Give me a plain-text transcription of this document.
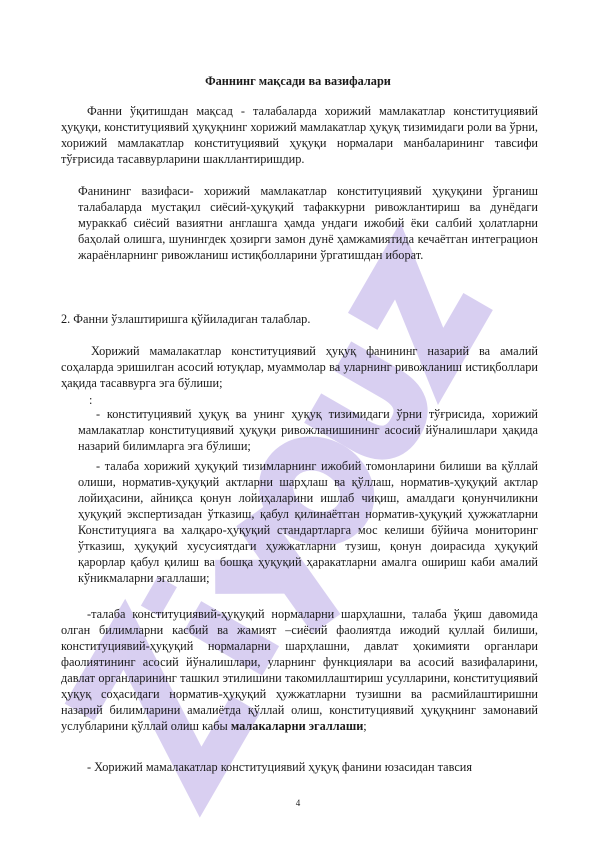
Фаннинг мақсади ва вазифалари

Фанни ўқитишдан мақсад - талабаларда хорижий мамлакатлар конституциявий ҳуқуқи, конституциявий ҳуқуқнинг хорижий мамлакатлар ҳуқуқ тизимидаги роли ва ўрни, хорижий мамлакатлар конституциявий ҳуқуқи нормалари манбаларининг тавсифи тўғрисида тасаввурларини шакллантиришдир.

Фанининг вазифаси- хорижий мамлакатлар конституциявий ҳуқуқини ўрганиш талабаларда мустақил сиёсий-ҳуқуқий тафаккурни ривожлантириш ва дунёдаги мураккаб сиёсий вазиятни англашга ҳамда ундаги ижобий ёки салбий ҳолатларни баҳолай олишга, шунингдек ҳозирги замон дунё ҳамжамиятида кечаётган интеграцион жараёнларнинг ривожланиш истиқболларини ўргатишдан иборат.

2. Фанни ўзлаштиришга қўйиладиган талаблар.

Хорижий мамалакатлар конституциявий ҳуқуқ фанининг назарий ва амалий соҳаларда эришилган асосий ютуқлар, муаммолар ва уларнинг ривожланиш истиқболлари ҳақида тасаввурга эга бўлиши;

:

- конституциявий ҳуқуқ ва унинг ҳуқуқ тизимидаги ўрни тўғрисида, хорижий мамлакатлар конституциявий ҳуқуқи ривожланишининг асосий йўналишлари ҳақида назарий билимларга эга бўлиши;

- талаба хорижий ҳуқуқий тизимларнинг ижобий томонларини билиши ва қўллай олиши, норматив-ҳуқуқий актларни шарҳлаш ва қўллаш, норматив-ҳуқуқий актлар лойиҳасини, айниқса қонун лойиҳаларини ишлаб чиқиш, амалдаги қонунчиликни ҳуқуқий экспертизадан ўтказиш, қабул қилинаётган норматив-ҳуқуқий ҳужжатларни Конституцияга ва халқаро-ҳуқуқий стандартларга мос келиши бўйича мониторинг ўтказиш, ҳуқуқий хусусиятдаги ҳужжатларни тузиш, қонун доирасида ҳуқуқий қарорлар қабул қилиш ва бошқа ҳуқуқий ҳаракатларни амалга ошириш каби амалий кўникмаларни эгаллаши;

-талаба конституциявий-ҳуқуқий нормаларни шарҳлашни, талаба ўқиш давомида олган билимларни касбий ва жамият –сиёсий фаолиятда ижодий қуллай билиши, конституциявий-ҳуқуқий нормаларни шарҳлашни, давлат ҳокимияти органлари фаолиятининг асосий йўналишлари, уларнинг функциялари ва асосий вазифаларини, давлат органларининг ташкил этилишини такомиллаштириш усулларини, конституциявий ҳуқуқ соҳасидаги норматив-ҳуқуқий ҳужжатларни тузишни ва расмийлаштиришни назарий билимларини амалиётда қўллай олиш, конституциявий ҳуқуқнинг замонавий услубларини қўллай олиш кабы малакаларни эгаллаши;

- Хорижий мамалакатлар конституциявий ҳуқуқ фанини юзасидан тавсия

4
